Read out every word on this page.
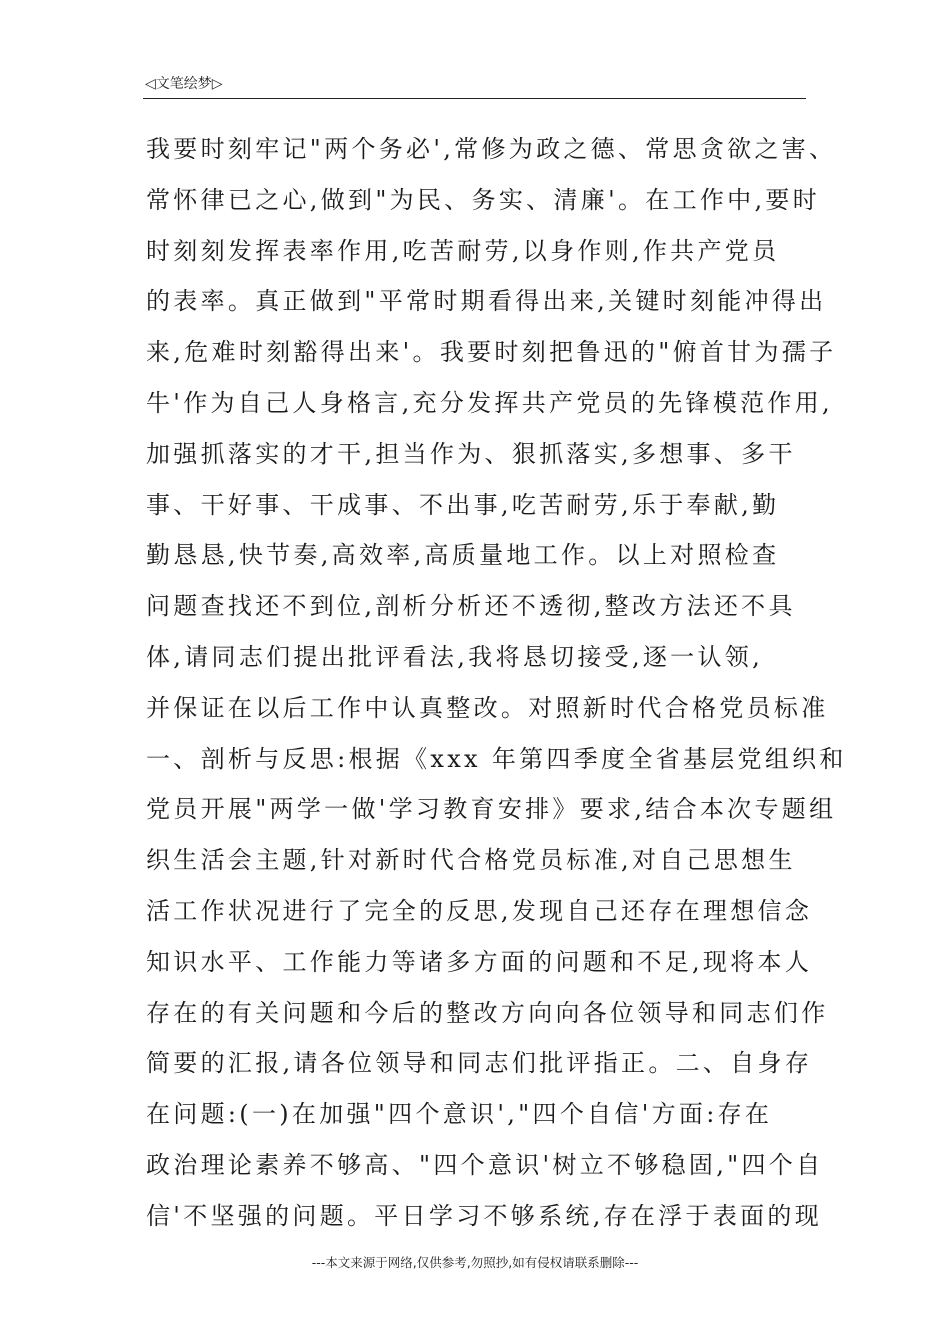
◁文笔绘梦▷
我要时刻牢记"两个务必',常修为政之德、常思贪欲之害、
常怀律已之心,做到"为民、务实、清廉'。在工作中,要时
时刻刻发挥表率作用,吃苦耐劳,以身作则,作共产党员
的表率。真正做到"平常时期看得出来,关键时刻能冲得出
来,危难时刻豁得出来'。我要时刻把鲁迅的"俯首甘为孺子
牛'作为自己人身格言,充分发挥共产党员的先锋模范作用,
加强抓落实的才干,担当作为、狠抓落实,多想事、多干
事、干好事、干成事、不出事,吃苦耐劳,乐于奉献,勤
勤恳恳,快节奏,高效率,高质量地工作。以上对照检查
问题查找还不到位,剖析分析还不透彻,整改方法还不具
体,请同志们提出批评看法,我将恳切接受,逐一认领,
并保证在以后工作中认真整改。对照新时代合格党员标准
一、剖析与反思:根据《xxx 年第四季度全省基层党组织和
党员开展"两学一做'学习教育安排》要求,结合本次专题组
织生活会主题,针对新时代合格党员标准,对自己思想生
活工作状况进行了完全的反思,发现自己还存在理想信念
知识水平、工作能力等诸多方面的问题和不足,现将本人
存在的有关问题和今后的整改方向向各位领导和同志们作
简要的汇报,请各位领导和同志们批评指正。二、自身存
在问题:(一)在加强"四个意识',"四个自信'方面:存在
政治理论素养不够高、"四个意识'树立不够稳固,"四个自
信'不坚强的问题。平日学习不够系统,存在浮于表面的现
---本文来源于网络,仅供参考,勿照抄,如有侵权请联系删除---
